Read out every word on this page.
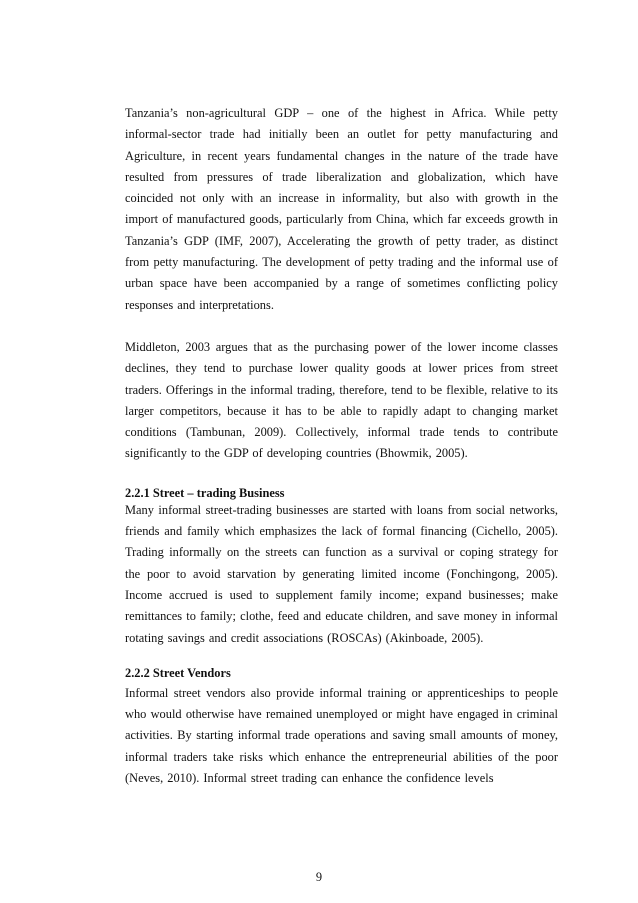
Tanzania’s non-agricultural GDP – one of the highest in Africa. While petty informal-sector trade had initially been an outlet for petty manufacturing and Agriculture, in recent years fundamental changes in the nature of the trade have resulted from pressures of trade liberalization and globalization, which have coincided not only with an increase in informality, but also with growth in the import of manufactured goods, particularly from China, which far exceeds growth in Tanzania’s GDP (IMF, 2007), Accelerating the growth of petty trader, as distinct from petty manufacturing. The development of petty trading and the informal use of urban space have been accompanied by a range of sometimes conflicting policy responses and interpretations.

Middleton, 2003 argues that as the purchasing power of the lower income classes declines, they tend to purchase lower quality goods at lower prices from street traders. Offerings in the informal trading, therefore, tend to be flexible, relative to its larger competitors, because it has to be able to rapidly adapt to changing market conditions (Tambunan, 2009). Collectively, informal trade tends to contribute significantly to the GDP of developing countries (Bhowmik, 2005).

2.2.1 Street – trading Business

Many informal street-trading businesses are started with loans from social networks, friends and family which emphasizes the lack of formal financing (Cichello, 2005). Trading informally on the streets can function as a survival or coping strategy for the poor to avoid starvation by generating limited income (Fonchingong, 2005). Income accrued is used to supplement family income; expand businesses; make remittances to family; clothe, feed and educate children, and save money in informal rotating savings and credit associations (ROSCAs) (Akinboade, 2005).

2.2.2 Street Vendors

Informal street vendors also provide informal training or apprenticeships to people who would otherwise have remained unemployed or might have engaged in criminal activities. By starting informal trade operations and saving small amounts of money, informal traders take risks which enhance the entrepreneurial abilities of the poor (Neves, 2010). Informal street trading can enhance the confidence levels

9
